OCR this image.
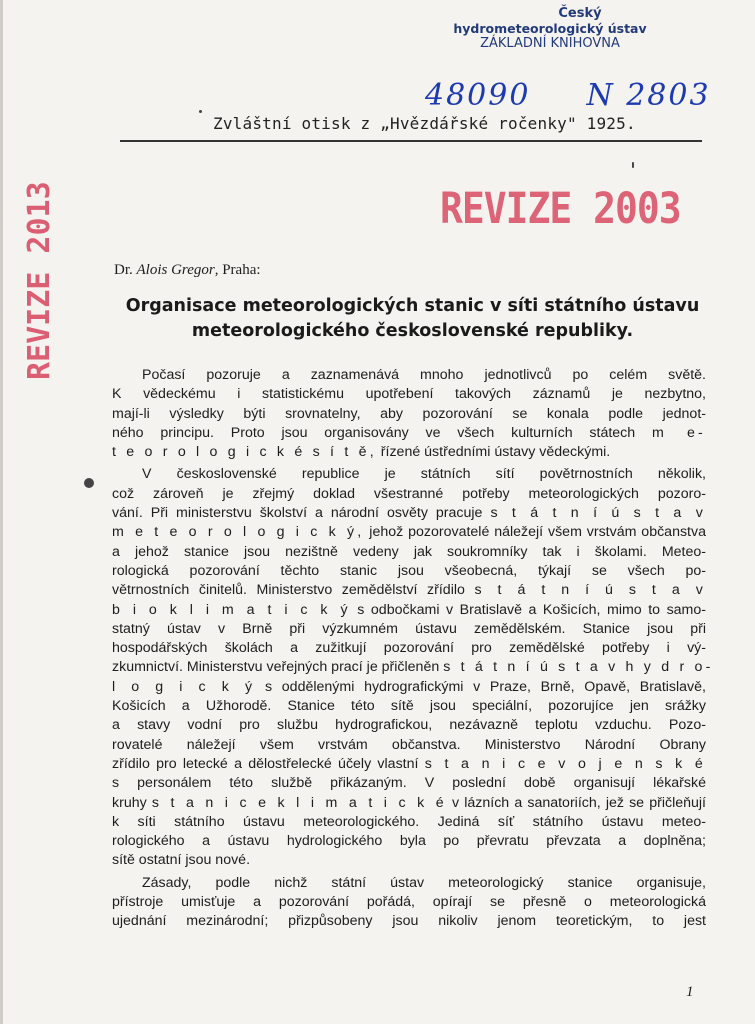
Český
hydrometeorologický ústav
ZÁKLADNÍ KNIHOVNA
48090 N 2803
Zvláštní otisk z „Hvězdářské ročenky" 1925.
REVIZE 2003
REVIZE 2013	Dr. Alois Gregor, Praha:
Organisace meteorologických stanic v síti státního ústavu
meteorologického československé republiky.

Počasí pozoruje a zaznamenává mnoho jednotlivců po celém světě.
K vědeckému i statistickému upotřebení takových záznamů je nezbytno,
mají-li výsledky býti srovnatelny, aby pozorování se konala podle jednot-
ného principu. Proto jsou organisovány ve všech kulturních státech m e-
t e o r o l o g i c k é s í t ě, řízené ústředními ústavy vědeckými.

V československé republice je státních sítí povětrnostních několik,
což zároveň je zřejmý doklad všestranné potřeby meteorologických pozoro-
vání. Při ministerstvu školství a národní osvěty pracuje s t á t n í ú s t a v
m e t e o r o l o g i c k ý, jehož pozorovatelé náležejí všem vrstvám občanstva
a jehož stanice jsou nezištně vedeny jak soukromníky tak i školami. Meteo-
rologická pozorování těchto stanic jsou všeobecná, týkají se všech po-
větrnostních činitelů. Ministerstvo zemědělství zřídilo s t á t n í ú s t a v
b i o k l i m a t i c k ý s odbočkami v Bratislavě a Košicích, mimo to samo-
statný ústav v Brně při výzkumném ústavu zemědělském. Stanice jsou při
hospodářských školách a zužitkují pozorování pro zemědělské potřeby i vý-
zkumnictví. Ministerstvu veřejných prací je přičleněn s t á t n í ú s t a v h y d r o-
l o g i c k ý s oddělenými hydrografickými v Praze, Brně, Opavě, Bratislavě,
Košicích a Užhorodě. Stanice této sítě jsou speciální, pozorujíce jen srážky
a stavy vodní pro službu hydrografickou, nezávazně teplotu vzduchu. Pozo-
rovatelé náležejí všem vrstvám občanstva. Ministerstvo Národní Obrany
zřídilo pro letecké a dělostřelecké účely vlastní s t a n i c e v o j e n s k é
s personálem této službě přikázaným. V poslední době organisují lékařské
kruhy s t a n i c e k l i m a t i c k é v lázních a sanatoriích, jež se přičleňují
k síti státního ústavu meteorologického. Jediná síť státního ústavu meteo-
rologického a ústavu hydrologického byla po převratu převzata a doplněna;
sítě ostatní jsou nové.

Zásady, podle nichž státní ústav meteorologický stanice organisuje,
přístroje umisťuje a pozorování pořádá, opírají se přesně o meteorologická
ujednání mezinárodní; přizpůsobeny jsou nikoliv jenom teoretickým, to jest

1
